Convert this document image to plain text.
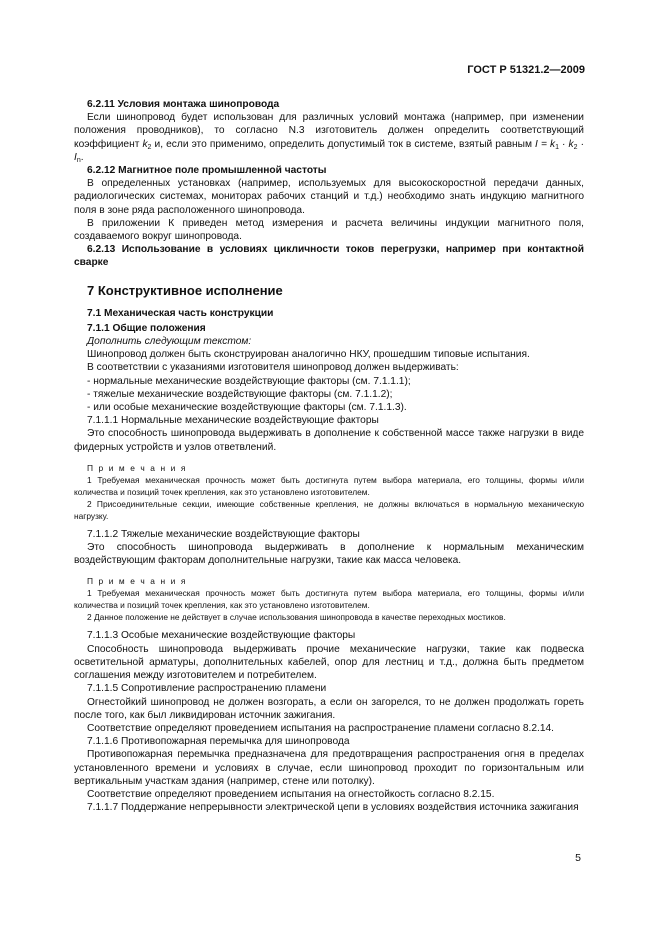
ГОСТ Р 51321.2—2009

6.2.11 Условия монтажа шинопровода

Если шинопровод будет использован для различных условий монтажа (например, при изменении положения проводников), то согласно N.3 изготовитель должен определить соответствующий коэффициент $k_2$ и, если это применимо, определить допустимый ток в системе, взятый равным $I = k_1 \cdot k_2 \cdot I_n$.

6.2.12 Магнитное поле промышленной частоты

В определенных установках (например, используемых для высокоскоростной передачи данных, радиологических системах, мониторах рабочих станций и т.д.) необходимо знать индукцию магнитного поля в зоне ряда расположенного шинопровода.

В приложении К приведен метод измерения и расчета величины индукции магнитного поля, создаваемого вокруг шинопровода.

6.2.13 Использование в условиях цикличности токов перегрузки, например при контактной сварке

7 Конструктивное исполнение

7.1 Механическая часть конструкции

7.1.1 Общие положения

Дополнить следующим текстом:

Шинопровод должен быть сконструирован аналогично НКУ, прошедшим типовые испытания.

В соответствии с указаниями изготовителя шинопровод должен выдерживать:

- нормальные механические воздействующие факторы (см. 7.1.1.1);

- тяжелые механические воздействующие факторы (см. 7.1.1.2);

- или особые механические воздействующие факторы (см. 7.1.1.3).

7.1.1.1 Нормальные механические воздействующие факторы

Это способность шинопровода выдерживать в дополнение к собственной массе также нагрузки в виде фидерных устройств и узлов ответвлений.

П р и м е ч а н и я

1 Требуемая механическая прочность может быть достигнута путем выбора материала, его толщины, формы и/или количества и позиций точек крепления, как это установлено изготовителем.

2 Присоединительные секции, имеющие собственные крепления, не должны включаться в нормальную механическую нагрузку.

7.1.1.2 Тяжелые механические воздействующие факторы

Это способность шинопровода выдерживать в дополнение к нормальным механическим воздействующим факторам дополнительные нагрузки, такие как масса человека.

П р и м е ч а н и я

1 Требуемая механическая прочность может быть достигнута путем выбора материала, его толщины, формы и/или количества и позиций точек крепления, как это установлено изготовителем.

2 Данное положение не действует в случае использования шинопровода в качестве переходных мостиков.

7.1.1.3 Особые механические воздействующие факторы

Способность шинопровода выдерживать прочие механические нагрузки, такие как подвеска осветительной арматуры, дополнительных кабелей, опор для лестниц и т.д., должна быть предметом соглашения между изготовителем и потребителем.

7.1.1.5 Сопротивление распространению пламени

Огнестойкий шинопровод не должен возгорать, а если он загорелся, то не должен продолжать гореть после того, как был ликвидирован источник зажигания.

Соответствие определяют проведением испытания на распространение пламени согласно 8.2.14.

7.1.1.6 Противопожарная перемычка для шинопровода

Противопожарная перемычка предназначена для предотвращения распространения огня в пределах установленного времени и условиях в случае, если шинопровод проходит по горизонтальным или вертикальным участкам здания (например, стене или потолку).

Соответствие определяют проведением испытания на огнестойкость согласно 8.2.15.

7.1.1.7 Поддержание непрерывности электрической цепи в условиях воздействия источника зажигания

5
